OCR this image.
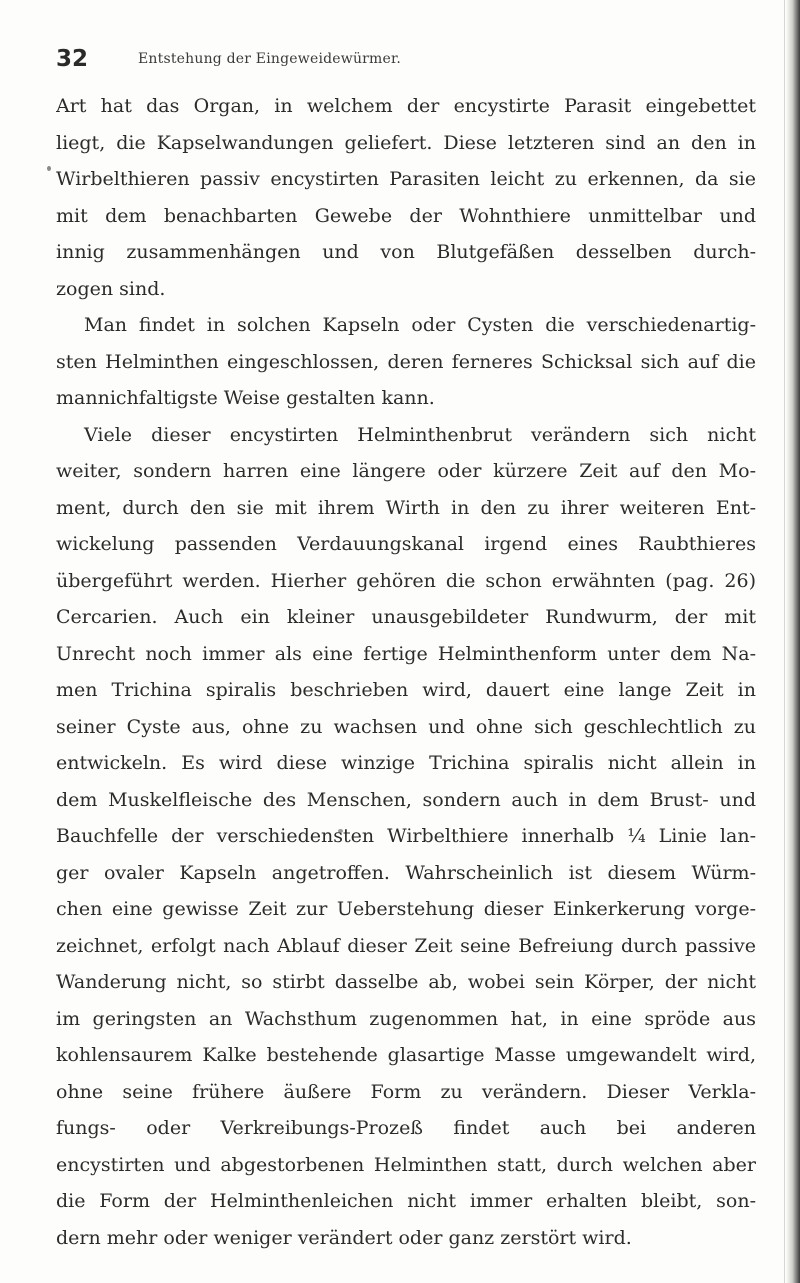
32	Entstehung der Eingeweidewürmer.
Art hat das Organ, in welchem der encystirte Parasit eingebettet
liegt, die Kapselwandungen geliefert. Diese letzteren sind an den in
Wirbelthieren passiv encystirten Parasiten leicht zu erkennen, da sie
mit dem benachbarten Gewebe der Wohnthiere unmittelbar und
innig zusammenhängen und von Blutgefäßen desselben durch-
zogen sind.
Man findet in solchen Kapseln oder Cysten die verschiedenartig-
sten Helminthen eingeschlossen, deren ferneres Schicksal sich auf die
mannichfaltigste Weise gestalten kann.
Viele dieser encystirten Helminthenbrut verändern sich nicht
weiter, sondern harren eine längere oder kürzere Zeit auf den Mo-
ment, durch den sie mit ihrem Wirth in den zu ihrer weiteren Ent-
wickelung passenden Verdauungskanal irgend eines Raubthieres
übergeführt werden. Hierher gehören die schon erwähnten (pag. 26)
Cercarien. Auch ein kleiner unausgebildeter Rundwurm, der mit
Unrecht noch immer als eine fertige Helminthenform unter dem Na-
men Trichina spiralis beschrieben wird, dauert eine lange Zeit in
seiner Cyste aus, ohne zu wachsen und ohne sich geschlechtlich zu
entwickeln. Es wird diese winzige Trichina spiralis nicht allein in
dem Muskelfleische des Menschen, sondern auch in dem Brust- und
Bauchfelle der verschiedensten Wirbelthiere innerhalb ¼ Linie lan-
ger ovaler Kapseln angetroffen. Wahrscheinlich ist diesem Würm-
chen eine gewisse Zeit zur Ueberstehung dieser Einkerkerung vorge-
zeichnet, erfolgt nach Ablauf dieser Zeit seine Befreiung durch passive
Wanderung nicht, so stirbt dasselbe ab, wobei sein Körper, der nicht
im geringsten an Wachsthum zugenommen hat, in eine spröde aus
kohlensaurem Kalke bestehende glasartige Masse umgewandelt wird,
ohne seine frühere äußere Form zu verändern. Dieser Verkla-
fungs- oder Verkreibungs-Prozeß findet auch bei anderen
encystirten und abgestorbenen Helminthen statt, durch welchen aber
die Form der Helminthenleichen nicht immer erhalten bleibt, son-
dern mehr oder weniger verändert oder ganz zerstört wird.
